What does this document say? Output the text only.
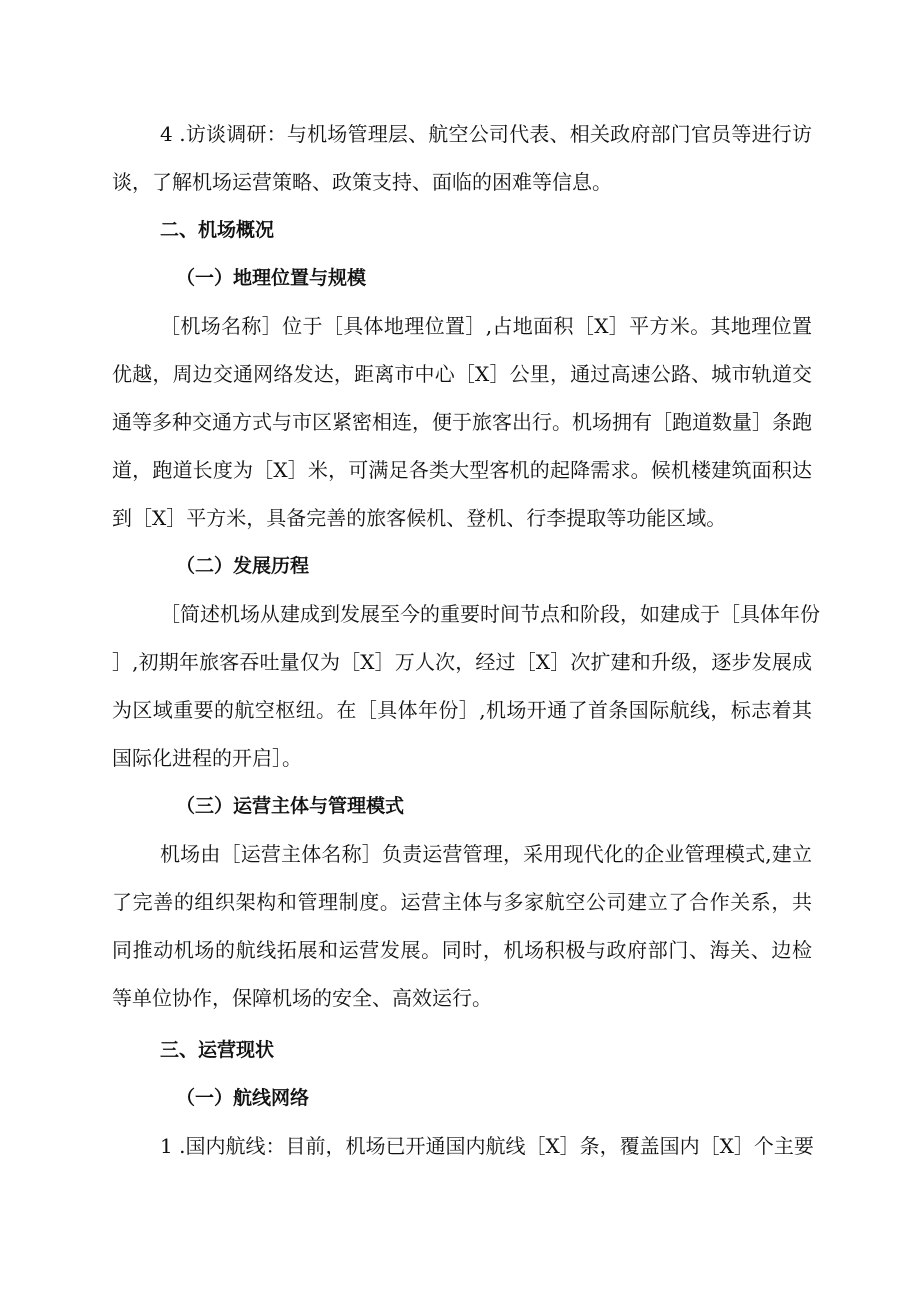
4 .访谈调研：与机场管理层、航空公司代表、相关政府部门官员等进行访
谈，了解机场运营策略、政策支持、面临的困难等信息。
二、机场概况
（一）地理位置与规模
［机场名称］位于［具体地理位置］,占地面积［X］平方米。其地理位置
优越，周边交通网络发达，距离市中心［X］公里，通过高速公路、城市轨道交
通等多种交通方式与市区紧密相连，便于旅客出行。机场拥有［跑道数量］条跑
道，跑道长度为［X］米，可满足各类大型客机的起降需求。候机楼建筑面积达
到［X］平方米，具备完善的旅客候机、登机、行李提取等功能区域。
（二）发展历程
［简述机场从建成到发展至今的重要时间节点和阶段，如建成于［具体年份
］,初期年旅客吞吐量仅为［X］万人次，经过［X］次扩建和升级，逐步发展成
为区域重要的航空枢纽。在［具体年份］,机场开通了首条国际航线，标志着其
国际化进程的开启］。
（三）运营主体与管理模式
机场由［运营主体名称］负责运营管理，采用现代化的企业管理模式,建立
了完善的组织架构和管理制度。运营主体与多家航空公司建立了合作关系，共
同推动机场的航线拓展和运营发展。同时，机场积极与政府部门、海关、边检
等单位协作，保障机场的安全、高效运行。
三、运营现状
（一）航线网络
1 .国内航线：目前，机场已开通国内航线［X］条，覆盖国内［X］个主要
